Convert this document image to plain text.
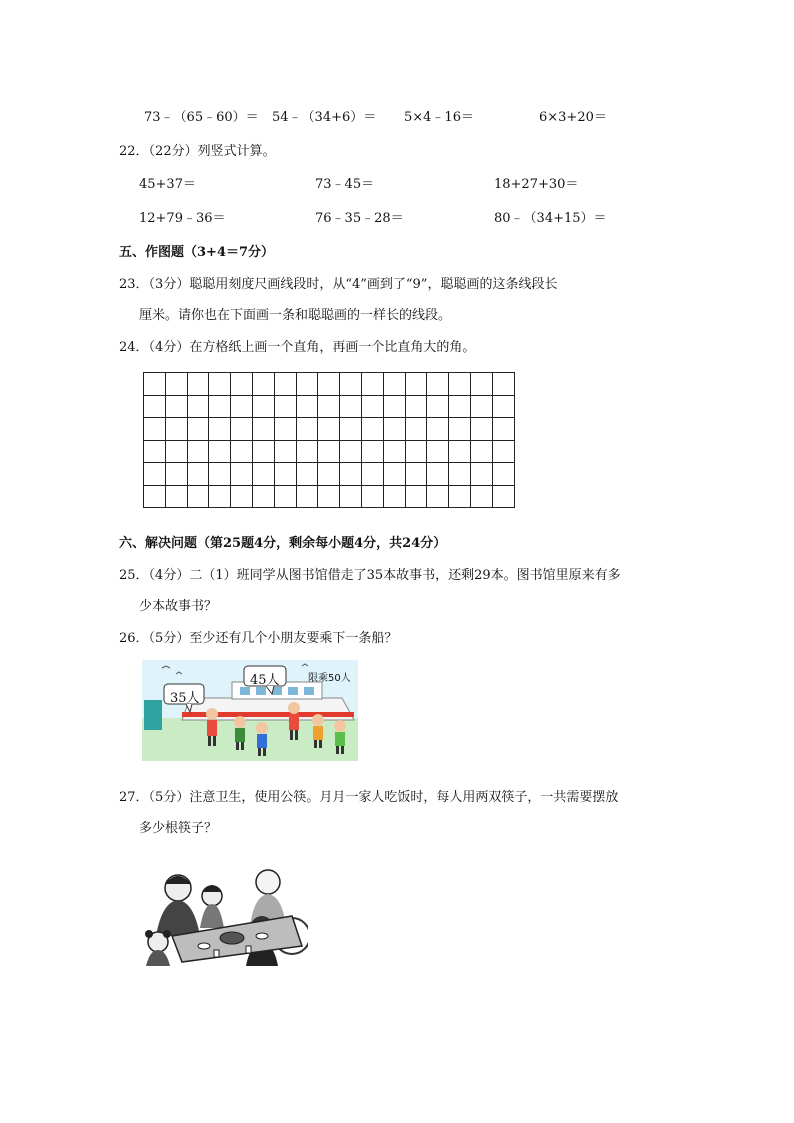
73﹣（65﹣60）＝ 54﹣（34+6）＝ 5×4﹣16＝	6×3+20＝
22．（22分）列竖式计算。
45+37＝	73﹣45＝	18+27+30＝
12+79﹣36＝	76﹣35﹣28＝	80﹣（34+15）＝
五、作图题（3+4＝7分）
23．（3分）聪聪用刻度尺画线段时，从“4”画到了“9”，聪聪画的这条线段长
厘米。请你也在下面画一条和聪聪画的一样长的线段。
24．（4分）在方格纸上画一个直角，再画一个比直角大的角。
六、解决问题（第25题4分，剩余每小题4分，共24分）
25．（4分）二（1）班同学从图书馆借走了35本故事书，还剩29本。图书馆里原来有多
少本故事书？
26．（5分）至少还有几个小朋友要乘下一条船？
35人
45人	限乘50人
27．（5分）注意卫生，使用公筷。月月一家人吃饭时，每人用两双筷子，一共需要摆放
多少根筷子？
